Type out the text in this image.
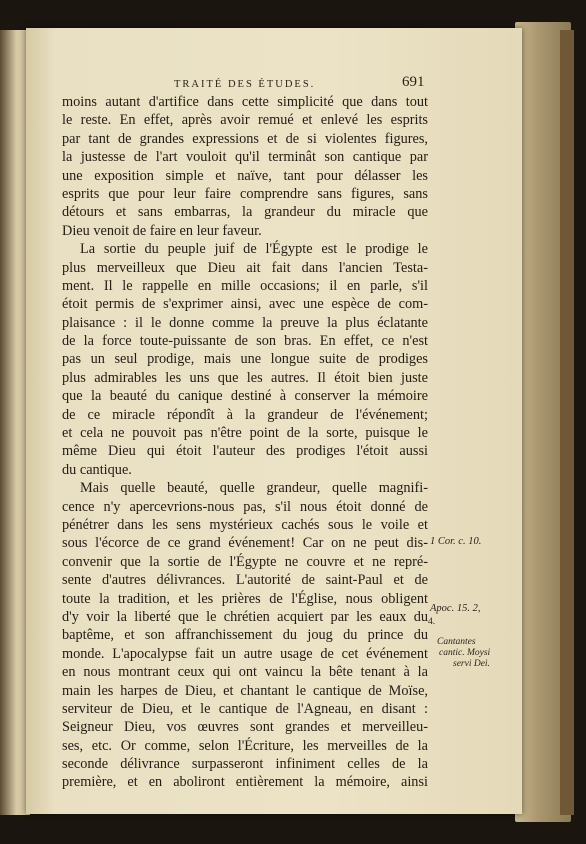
TRAITÉ DES ÉTUDES.	691
moins autant d'artifice dans cette simplicité que dans tout
le reste. En effet, après avoir remué et enlevé les esprits
par tant de grandes expressions et de si violentes figures,
la justesse de l'art vouloit qu'il terminât son cantique par
une exposition simple et naïve, tant pour délasser les
esprits que pour leur faire comprendre sans figures, sans
détours et sans embarras, la grandeur du miracle que
Dieu venoit de faire en leur faveur.
La sortie du peuple juif de l'Égypte est le prodige le
plus merveilleux que Dieu ait fait dans l'ancien Testa-
ment. Il le rappelle en mille occasions; il en parle, s'il
étoit permis de s'exprimer ainsi, avec une espèce de com-
plaisance : il le donne comme la preuve la plus éclatante
de la force toute-puissante de son bras. En effet, ce n'est
pas un seul prodige, mais une longue suite de prodiges
plus admirables les uns que les autres. Il étoit bien juste
que la beauté du canique destiné à conserver la mémoire
de ce miracle répondît à la grandeur de l'événement;
et cela ne pouvoit pas n'être point de la sorte, puisque le
même Dieu qui étoit l'auteur des prodiges l'étoit aussi
du cantique.
Mais quelle beauté, quelle grandeur, quelle magnifi-
cence n'y apercevrions-nous pas, s'il nous étoit donné de
pénétrer dans les sens mystérieux cachés sous le voile et
sous l'écorce de ce grand événement! Car on ne peut dis-
convenir que la sortie de l'Égypte ne couvre et ne repré-
sente d'autres délivrances. L'autorité de saint-Paul et de
toute la tradition, et les prières de l'Église, nous obligent
d'y voir la liberté que le chrétien acquiert par les eaux du
baptême, et son affranchissement du joug du prince du
monde. L'apocalypse fait un autre usage de cet événement
en nous montrant ceux qui ont vaincu la bête tenant à la
main les harpes de Dieu, et chantant le cantique de Moïse,
serviteur de Dieu, et le cantique de l'Agneau, en disant :
Seigneur Dieu, vos œuvres sont grandes et merveilleu-
ses, etc. Or comme, selon l'Écriture, les merveilles de la
seconde délivrance surpasseront infiniment celles de la
première, et en aboliront entièrement la mémoire, ainsi
1 Cor. c. 10.
Apoc. 15. 2,
4.
Cantantes
cantic. Moysi
servi Dei.
